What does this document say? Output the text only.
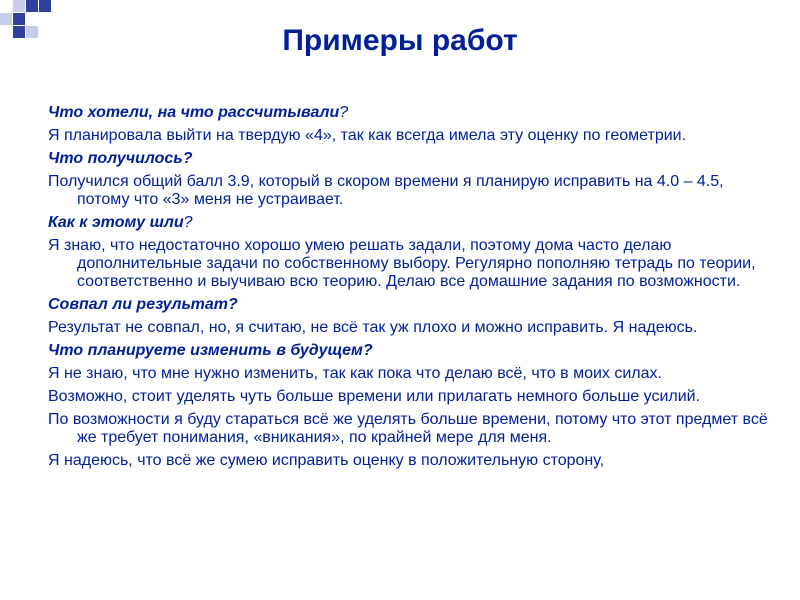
Примеры работ

Что хотели, на что рассчитывали?

Я планировала выйти на твердую «4», так как всегда имела эту оценку по геометрии.

Что получилось?

Получился общий балл 3.9, который в скором времени я планирую исправить на 4.0 – 4.5, потому что «3» меня не устраивает.

Как к этому шли?

Я знаю, что недостаточно хорошо умею решать задали, поэтому дома часто делаю дополнительные задачи по собственному выбору. Регулярно пополняю тетрадь по теории, соответственно и выучиваю всю теорию. Делаю все домашние задания по возможности.

Совпал ли результат?

Результат не совпал, но, я считаю, не всё так уж плохо и можно исправить. Я надеюсь.

Что планируете изменить в будущем?

Я не знаю, что мне нужно изменить, так как пока что делаю всё, что в моих силах.

Возможно, стоит уделять чуть больше времени или прилагать немного больше усилий.

По возможности я буду стараться всё же уделять больше времени, потому что этот предмет всё же требует понимания, «вникания», по крайней мере для меня.

Я надеюсь, что всё же сумею исправить оценку в положительную сторону,
